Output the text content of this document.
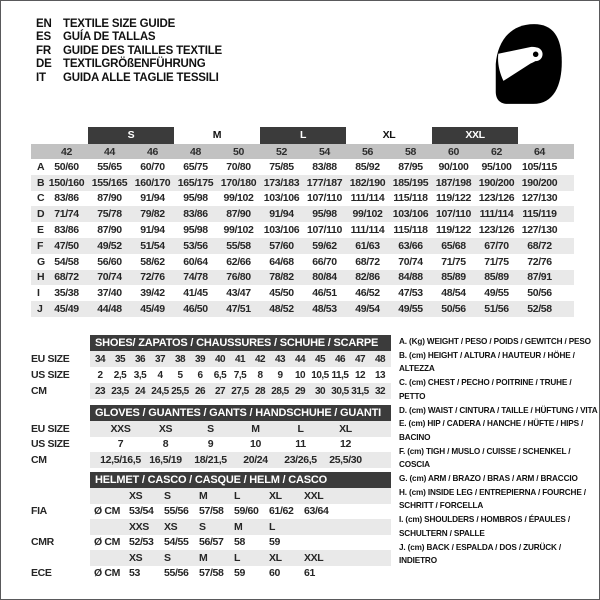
EN TEXTILE SIZE GUIDE
ES	GUÍA DE TALLAS
FR	GUIDE DES TAILLES TEXTILE
DE TEXTILGRÖßENFÜHRUNG
IT	GUIDA ALLE TAGLIE TESSILI
S	M	L	XL	XXL
42	44	46	48	50	52	54	56	58	60	62	64
A 50/60	55/65	60/70	65/75	70/80	75/85	83/88	85/92	87/95	90/100	95/100	105/115
B 150/160 155/165 160/170 165/175 170/180 173/183 177/187 182/190 185/195 187/198 190/200 190/200
C 83/86	87/90	91/94	95/98	99/102 103/106 107/110 111/114 115/118 119/122 123/126 127/130
D 71/74	75/78	79/82	83/86	87/90	91/94	95/98	99/102 103/106 107/110 111/114 115/119
E	83/86	87/90	91/94	95/98	99/102 103/106 107/110 111/114 115/118 119/122 123/126 127/130
F	47/50	49/52	51/54	53/56	55/58	57/60	59/62	61/63	63/66	65/68	67/70	68/72
G 54/58	56/60	58/62	60/64	62/66	64/68	66/70	68/72	70/74	71/75	71/75	72/76
H 68/72	70/74	72/76	74/78	76/80	78/82	80/84	82/86	84/88	85/89	85/89	87/91
I	35/38	37/40	39/42	41/45	43/47	45/50	46/51	46/52	47/53	48/54	49/55	50/56
J	45/49	44/48	45/49	46/50	47/51	48/52	48/53	49/54	49/55	50/56	51/56	52/58
SHOES/ ZAPATOS / CHAUSSURES / SCHUHE / SCARPE
EU SIZE	34 35 36 37 38 39 40 41 42 43 44 45 46 47 48
US SIZE	2	2,5 3,5	4	5	6	6,5 7,5	8	9	10 10,5 11,5 12 13
CM	23 23,5 24 24,5 25,5 26 27 27,5 28 28,5 29 30 30,5 31,5 32
GLOVES / GUANTES / GANTS / HANDSCHUHE / GUANTI
EU SIZE	XXS	XS	S	M	L	XL
US SIZE	7	8	9	10	11	12
CM	12,5/16,5 16,5/19	18/21,5	20/24	23/26,5	25,5/30
HELMET / CASCO / CASQUE / HELM / CASCO
XS	S	M	L	XL	XXL
FIA	Ø CM 53/54 55/56 57/58 59/60 61/62 63/64
XXS	XS	S	M	L
CMR	Ø CM 52/53 54/55 56/57 58	59
XS	S	M	L	XL	XXL
ECE	Ø CM 53	55/56 57/58 59	60	61
A. (Kg) WEIGHT / PESO / POIDS / GEWITCH / PESO
B. (cm) HEIGHT / ALTURA / HAUTEUR / HÖHE / ALTEZZA
C. (cm) CHEST / PECHO / POITRINE / TRUHE / PETTO
D. (cm) WAIST / CINTURA / TAILLE / HÜFTUNG / VITA
E. (cm) HIP / CADERA / HANCHE / HÜFTE / HIPS / BACINO
F. (cm) TIGH / MUSLO / CUISSE / SCHENKEL / COSCIA
G. (cm) ARM / BRAZO / BRAS / ARM / BRACCIO
H. (cm) INSIDE LEG / ENTREPIERNA / FOURCHE / SCHRITT / FORCELLA
I. (cm) SHOULDERS / HOMBROS / ÉPAULES / SCHULTERN / SPALLE
J. (cm) BACK / ESPALDA / DOS / ZURÜCK / INDIETRO
